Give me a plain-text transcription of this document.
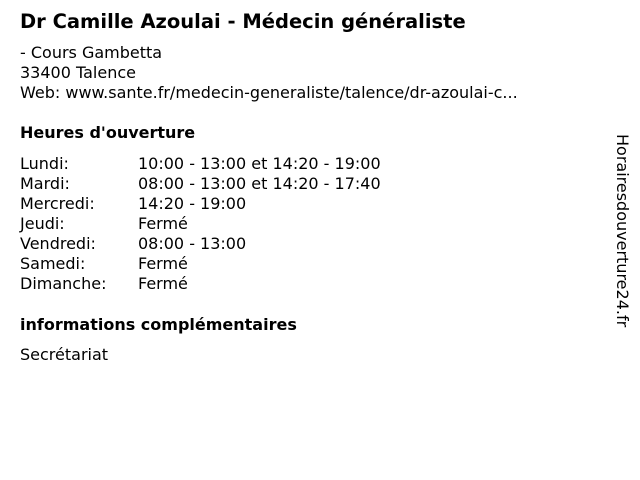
Dr Camille Azoulai - Médecin généraliste
- Cours Gambetta
33400 Talence
Web: www.sante.fr/medecin-generaliste/talence/dr-azoulai-c...
Heures d'ouverture
Lundi:	10:00 - 13:00 et 14:20 - 19:00
Mardi:	08:00 - 13:00 et 14:20 - 17:40
Mercredi:	14:20 - 19:00
Jeudi:	Fermé
Vendredi:	08:00 - 13:00
Samedi:	Fermé
Dimanche:	Fermé
informations complémentaires
Secrétariat
Horairesdouverture24.fr
